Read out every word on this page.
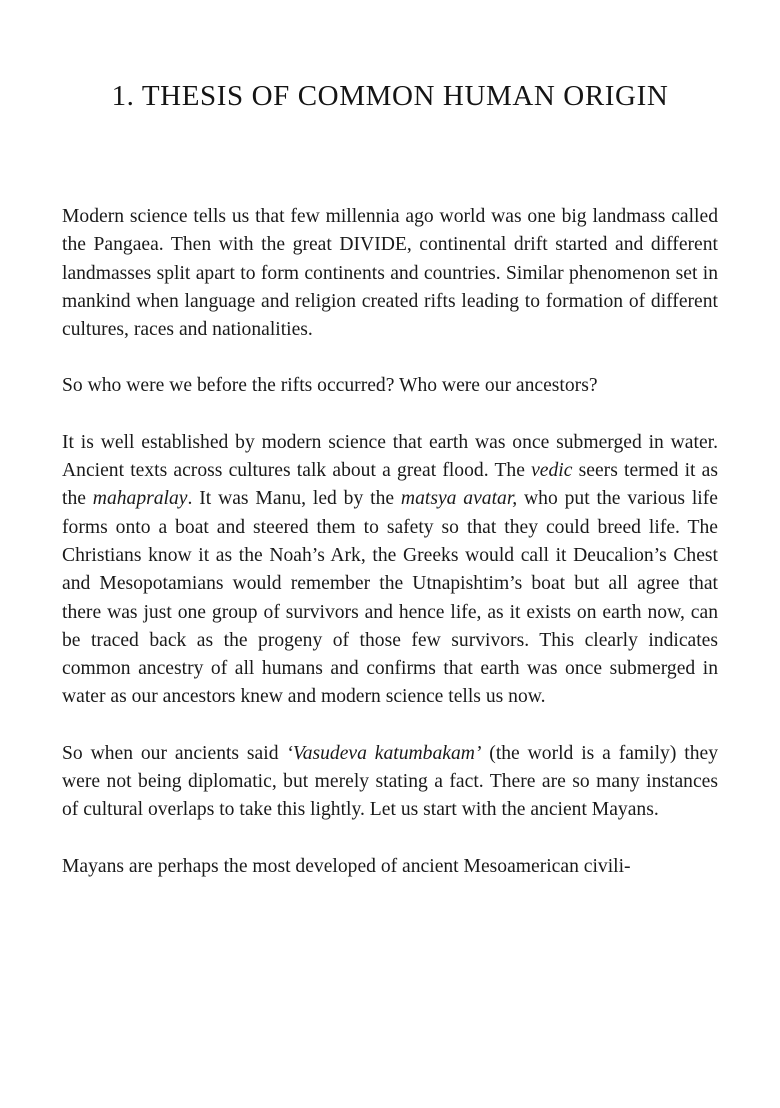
1. THESIS OF COMMON HUMAN ORIGIN

Modern science tells us that few millennia ago world was one big landmass called the Pangaea. Then with the great DIVIDE, continental drift started and different landmasses split apart to form continents and countries. Similar phenomenon set in mankind when language and religion created rifts leading to formation of different cultures, races and nationalities.

So who were we before the rifts occurred? Who were our ancestors?

It is well established by modern science that earth was once submerged in water. Ancient texts across cultures talk about a great flood. The vedic seers termed it as the mahapralay. It was Manu, led by the matsya avatar, who put the various life forms onto a boat and steered them to safety so that they could breed life. The Christians know it as the Noah’s Ark, the Greeks would call it Deucalion’s Chest and Mesopotamians would remember the Utnapishtim’s boat but all agree that there was just one group of survivors and hence life, as it exists on earth now, can be traced back as the progeny of those few survivors. This clearly indicates common ancestry of all humans and confirms that earth was once submerged in water as our ancestors knew and modern science tells us now.

So when our ancients said ‘Vasudeva katumbakam’ (the world is a family) they were not being diplomatic, but merely stating a fact. There are so many instances of cultural overlaps to take this lightly. Let us start with the ancient Mayans.

Mayans are perhaps the most developed of ancient Mesoamerican civili-
